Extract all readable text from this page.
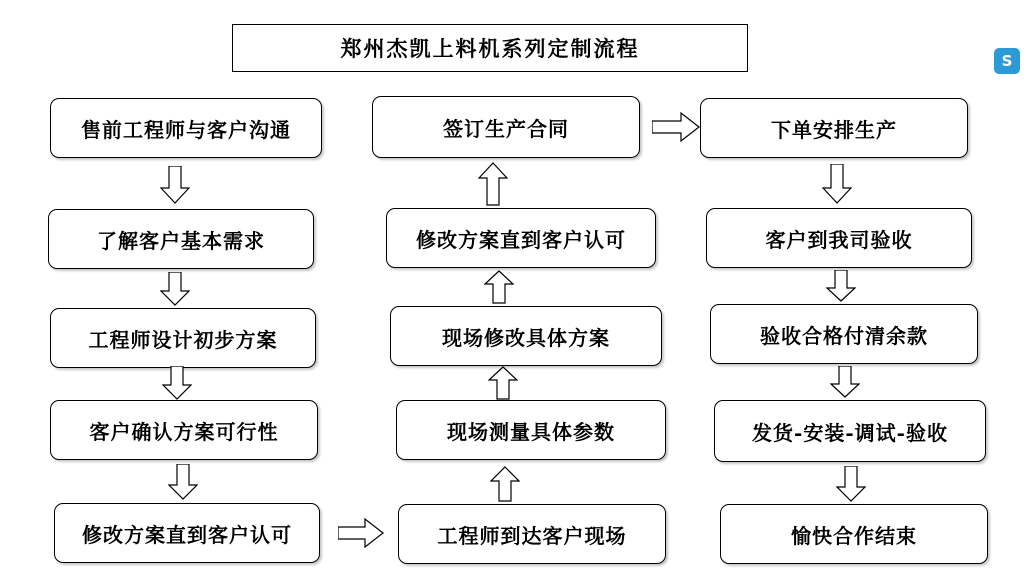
郑州杰凯上料机系列定制流程
售前工程师与客户沟通
了解客户基本需求
工程师设计初步方案
客户确认方案可行性
修改方案直到客户认可
签订生产合同
修改方案直到客户认可
现场修改具体方案
现场测量具体参数
工程师到达客户现场
下单安排生产
客户到我司验收
验收合格付清余款
发货-安装-调试-验收
愉快合作结束
S
